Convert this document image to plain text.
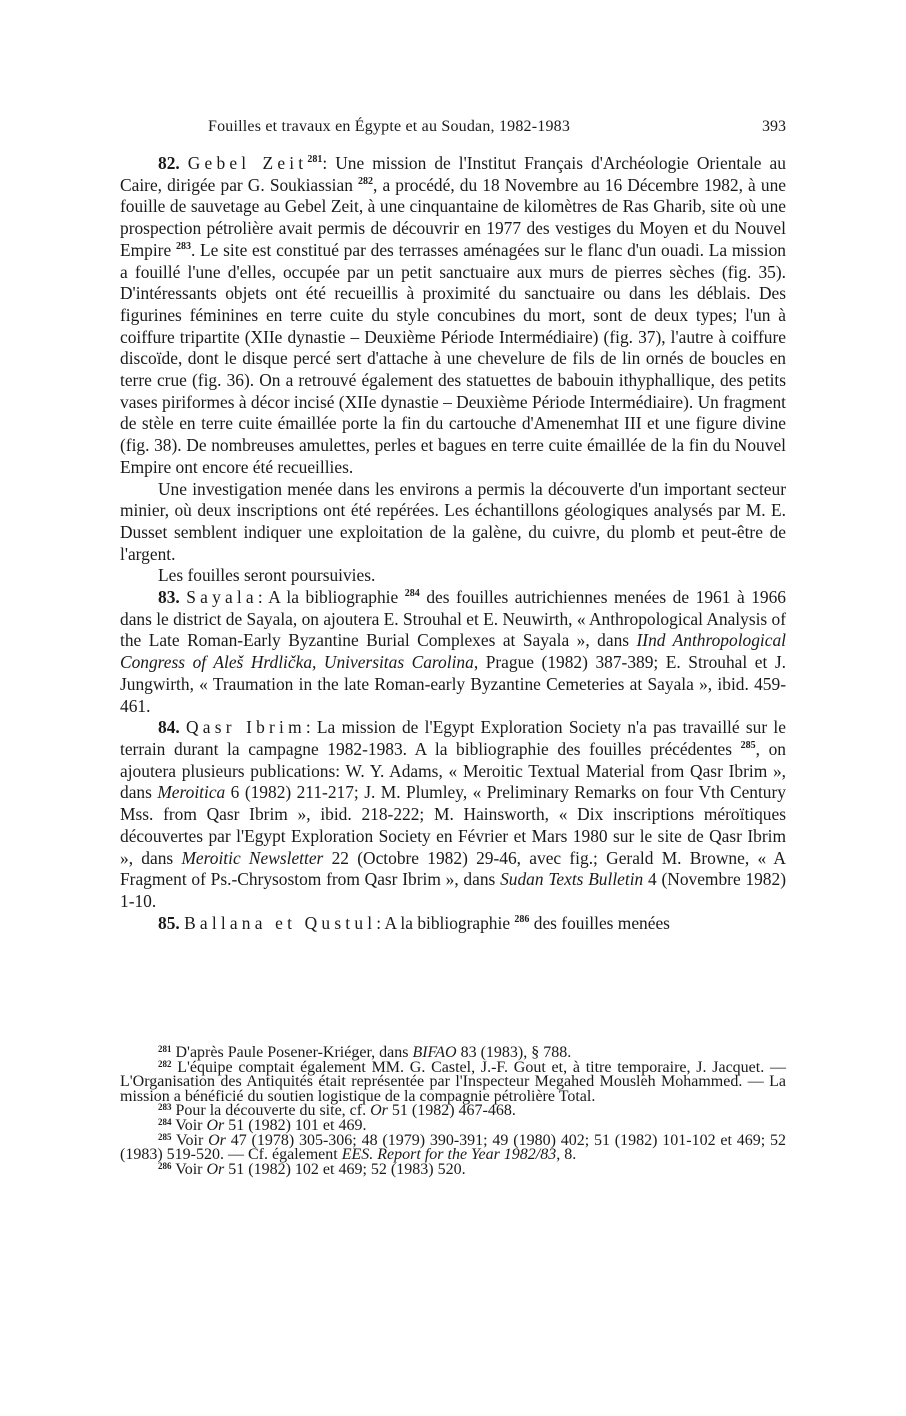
Fouilles et travaux en Égypte et au Soudan, 1982-1983	393

82. Gebel Zeit$^{281}$: Une mission de l'Institut Français d'Archéologie Orientale au Caire, dirigée par G. Soukiassian $^{282}$, a procédé, du 18 Novembre au 16 Décembre 1982, à une fouille de sauvetage au Gebel Zeit, à une cinquantaine de kilomètres de Ras Gharib, site où une prospection pétrolière avait permis de découvrir en 1977 des vestiges du Moyen et du Nouvel Empire $^{283}$. Le site est constitué par des terrasses aménagées sur le flanc d'un ouadi. La mission a fouillé l'une d'elles, occupée par un petit sanctuaire aux murs de pierres sèches (fig. 35). D'intéressants objets ont été recueillis à proximité du sanctuaire ou dans les déblais. Des figurines féminines en terre cuite du style concubines du mort, sont de deux types; l'un à coiffure tripartite (XIIe dynastie – Deuxième Période Intermédiaire) (fig. 37), l'autre à coiffure discoïde, dont le disque percé sert d'attache à une chevelure de fils de lin ornés de boucles en terre crue (fig. 36). On a retrouvé également des statuettes de babouin ithyphallique, des petits vases piriformes à décor incisé (XIIe dynastie – Deuxième Période Intermédiaire). Un fragment de stèle en terre cuite émaillée porte la fin du cartouche d'Amenemhat III et une figure divine (fig. 38). De nombreuses amulettes, perles et bagues en terre cuite émaillée de la fin du Nouvel Empire ont encore été recueillies.

Une investigation menée dans les environs a permis la découverte d'un important secteur minier, où deux inscriptions ont été repérées. Les échantillons géologiques analysés par M. E. Dusset semblent indiquer une exploitation de la galène, du cuivre, du plomb et peut-être de l'argent.

Les fouilles seront poursuivies.

83. Sayala: A la bibliographie $^{284}$ des fouilles autrichiennes menées de 1961 à 1966 dans le district de Sayala, on ajoutera E. Strouhal et E. Neuwirth, « Anthropological Analysis of the Late Roman-Early Byzantine Burial Complexes at Sayala », dans IInd Anthropological Congress of Aleš Hrdlička, Universitas Carolina, Prague (1982) 387-389; E. Strouhal et J. Jungwirth, « Traumation in the late Roman-early Byzantine Cemeteries at Sayala », ibid. 459-461.

84. Qasr Ibrim: La mission de l'Egypt Exploration Society n'a pas travaillé sur le terrain durant la campagne 1982-1983. A la bibliographie des fouilles précédentes $^{285}$, on ajoutera plusieurs publications: W. Y. Adams, « Meroitic Textual Material from Qasr Ibrim », dans Meroitica 6 (1982) 211-217; J. M. Plumley, « Preliminary Remarks on four Vth Century Mss. from Qasr Ibrim », ibid. 218-222; M. Hainsworth, « Dix inscriptions méroïtiques découvertes par l'Egypt Exploration Society en Février et Mars 1980 sur le site de Qasr Ibrim », dans Meroitic Newsletter 22 (Octobre 1982) 29-46, avec fig.; Gerald M. Browne, « A Fragment of Ps.-Chrysostom from Qasr Ibrim », dans Sudan Texts Bulletin 4 (Novembre 1982) 1-10.

85. Ballana et Qustul: A la bibliographie $^{286}$ des fouilles menées

$^{281}$ D'après Paule Posener-Kriéger, dans BIFAO 83 (1983), § 788.

$^{282}$ L'équipe comptait également MM. G. Castel, J.-F. Gout et, à titre temporaire, J. Jacquet. — L'Organisation des Antiquités était représentée par l'Inspecteur Megahed Mousleh Mohammed. — La mission a bénéficié du soutien logistique de la compagnie pétrolière Total.

$^{283}$ Pour la découverte du site, cf. Or 51 (1982) 467-468.

$^{284}$ Voir Or 51 (1982) 101 et 469.

$^{285}$ Voir Or 47 (1978) 305-306; 48 (1979) 390-391; 49 (1980) 402; 51 (1982) 101-102 et 469; 52 (1983) 519-520. — Cf. également EES. Report for the Year 1982/83, 8.

$^{286}$ Voir Or 51 (1982) 102 et 469; 52 (1983) 520.
